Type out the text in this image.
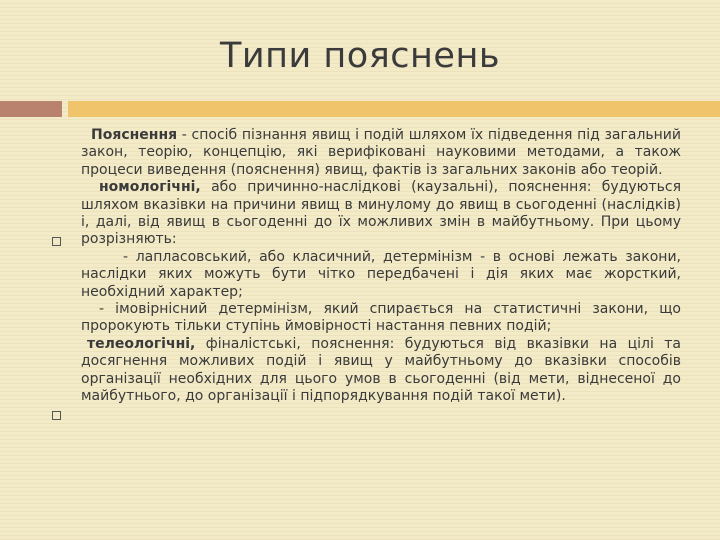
Типи пояснень

Пояснення - спосіб пізнання явищ і подій шляхом їх підведення під загальний закон, теорію, концепцію, які верифіковані науковими методами, а також процеси виведення (пояснення) явищ, фактів із загальних законів або теорій.

номологічні, або причинно-наслідкові (каузальні), пояснення: будуються шляхом вказівки на причини явищ в минулому до явищ в сьогоденні (наслідків) і, далі, від явищ в сьогоденні до їх можливих змін в майбутньому. При цьому розрізняють:

- лапласовський, або класичний, детермінізм - в основі лежать закони, наслідки яких можуть бути чітко передбачені і дія яких має жорсткий, необхідний характер;

- імовірнісний детермінізм, який спирається на статистичні закони, що пророкують тільки ступінь ймовірності настання певних подій;

телеологічні, фіналістські, пояснення: будуються від вказівки на цілі та досягнення можливих подій і явищ у майбутньому до вказівки способів організації необхідних для цього умов в сьогоденні (від мети, віднесеної до майбутнього, до організації і підпорядкування подій такої мети).
